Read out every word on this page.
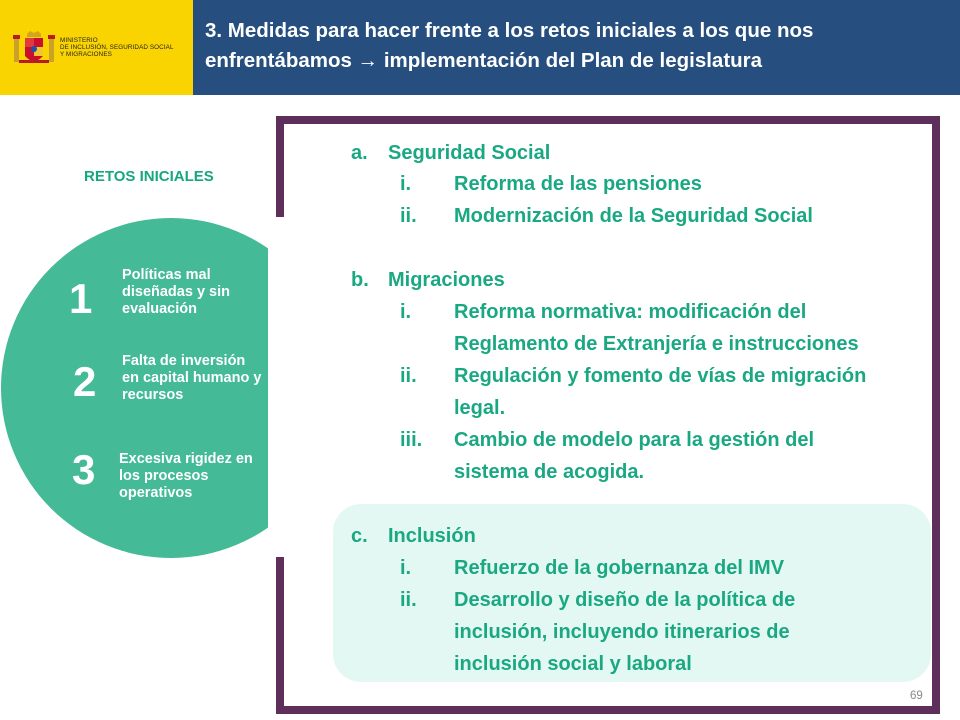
MINISTERIO
DE INCLUSIÓN, SEGURIDAD SOCIAL
Y MIGRACIONES
3. Medidas para hacer frente a los retos iniciales a los que nos enfrentábamos → implementación del Plan de legislatura
RETOS INICIALES
1 Políticas mal
diseñadas y sin
evaluación
2 Falta de inversión
en capital humano y
recursos
3 Excesiva rigidez en
los procesos
operativos
a. Seguridad Social
i. Reforma de las pensiones
ii. Modernización de la Seguridad Social
b. Migraciones
i. Reforma normativa: modificación del
Reglamento de Extranjería e instrucciones
ii. Regulación y fomento de vías de migración
legal.
iii. Cambio de modelo para la gestión del
sistema de acogida.
c. Inclusión
i. Refuerzo de la gobernanza del IMV
ii. Desarrollo y diseño de la política de
inclusión, incluyendo itinerarios de
inclusión social y laboral
69
